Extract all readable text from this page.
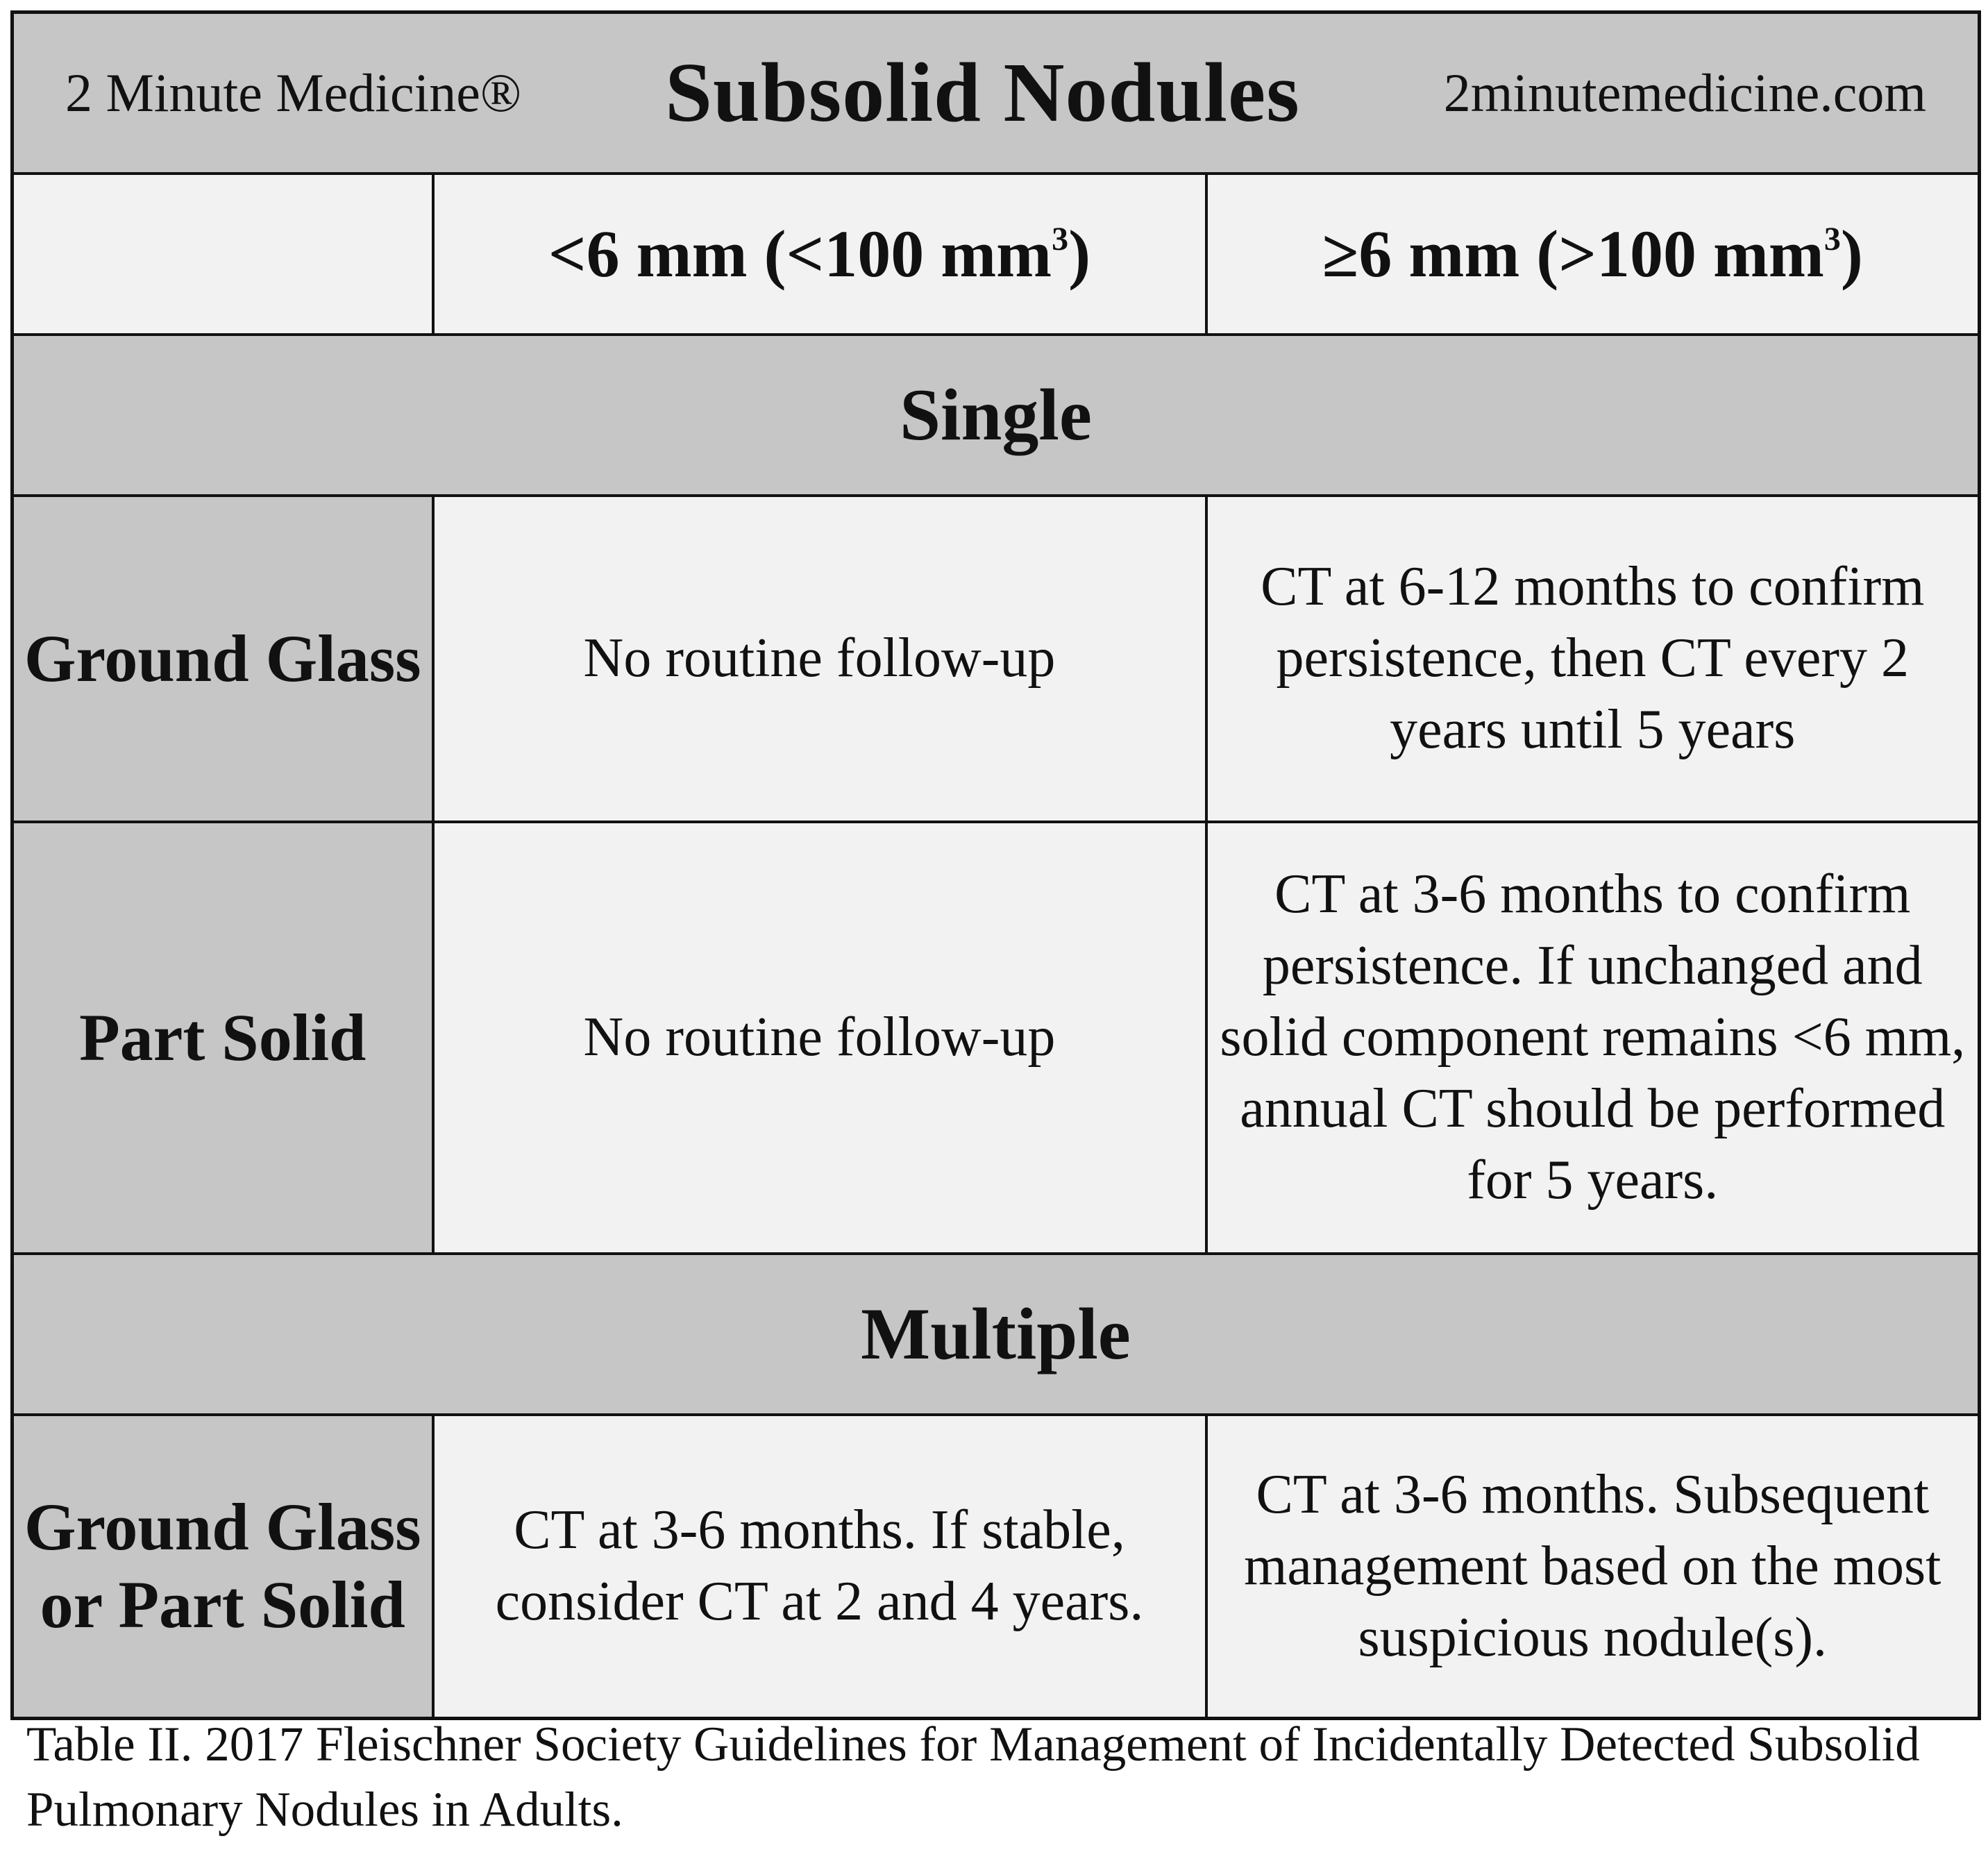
2 Minute Medicine® Subsolid Nodules 2minutemedicine.com		

	<6 mm (<100 $mm^3$)	≥6 mm (>100 $mm^3$)
Single		
Ground Glass	No routine follow-up	CT at 6-12 months to confirm persistence, then CT every 2 years until 5 years
Part Solid	No routine follow-up	CT at 3-6 months to confirm persistence. If unchanged and solid component remains <6 mm, annual CT should be performed for 5 years.
Multiple		
Ground Glass or Part Solid	CT at 3-6 months. If stable, consider CT at 2 and 4 years.	CT at 3-6 months. Subsequent management based on the most suspicious nodule(s).
Table II. 2017 Fleischner Society Guidelines for Management of Incidentally Detected Subsolid Pulmonary Nodules in Adults.
